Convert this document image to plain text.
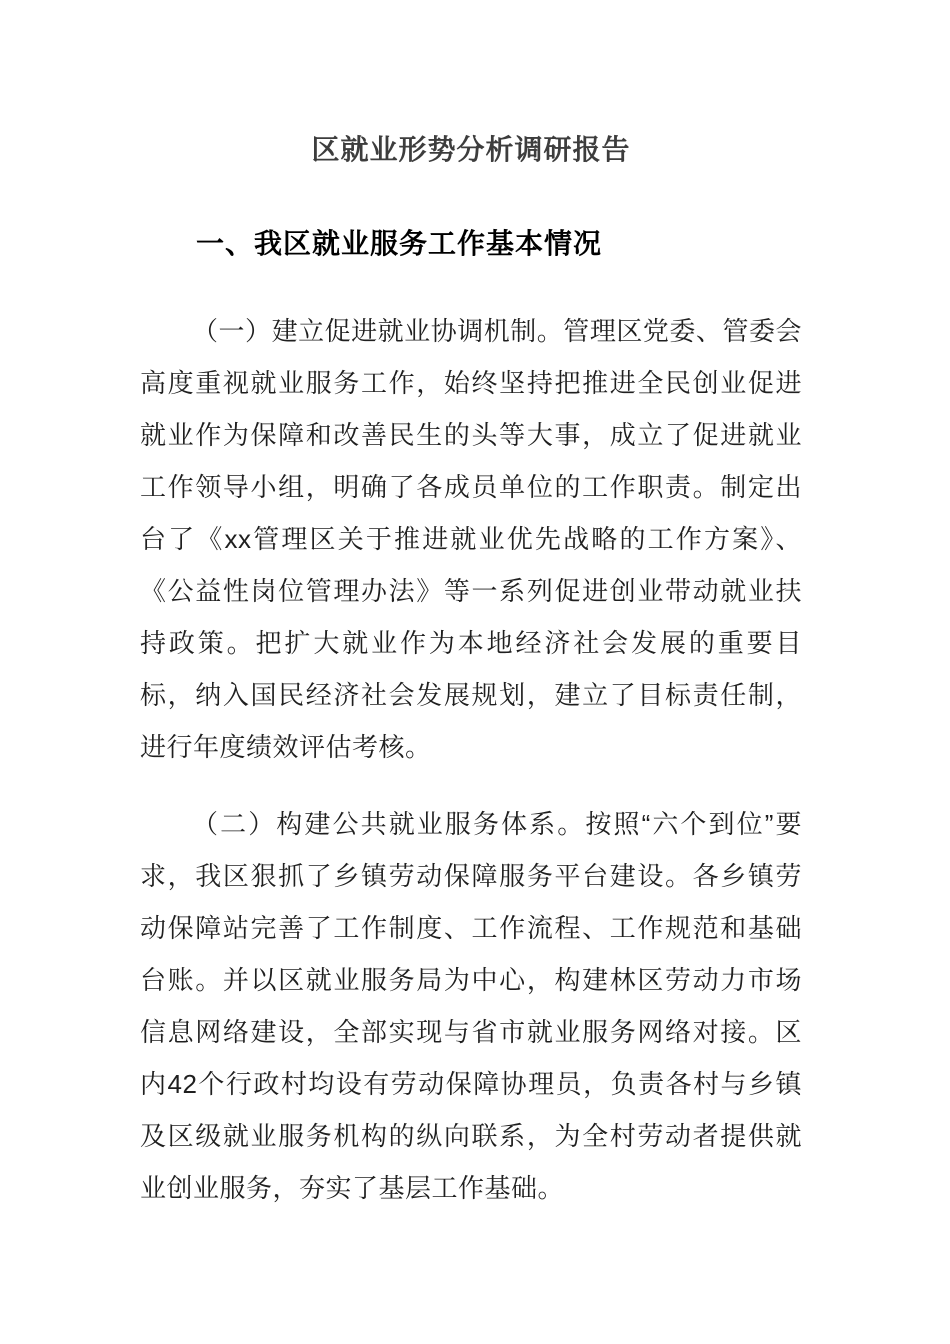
区就业形势分析调研报告
一、我区就业服务工作基本情况

（一）建立促进就业协调机制。管理区党委、管委会高度重视就业服务工作，始终坚持把推进全民创业促进就业作为保障和改善民生的头等大事，成立了促进就业工作领导小组，明确了各成员单位的工作职责。制定出台了《xx管理区关于推进就业优先战略的工作方案》、《公益性岗位管理办法》等一系列促进创业带动就业扶持政策。把扩大就业作为本地经济社会发展的重要目标，纳入国民经济社会发展规划，建立了目标责任制，进行年度绩效评估考核。

（二）构建公共就业服务体系。按照“六个到位”要求，我区狠抓了乡镇劳动保障服务平台建设。各乡镇劳动保障站完善了工作制度、工作流程、工作规范和基础台账。并以区就业服务局为中心，构建林区劳动力市场信息网络建设，全部实现与省市就业服务网络对接。区内42个行政村均设有劳动保障协理员，负责各村与乡镇及区级就业服务机构的纵向联系，为全村劳动者提供就业创业服务，夯实了基层工作基础。
